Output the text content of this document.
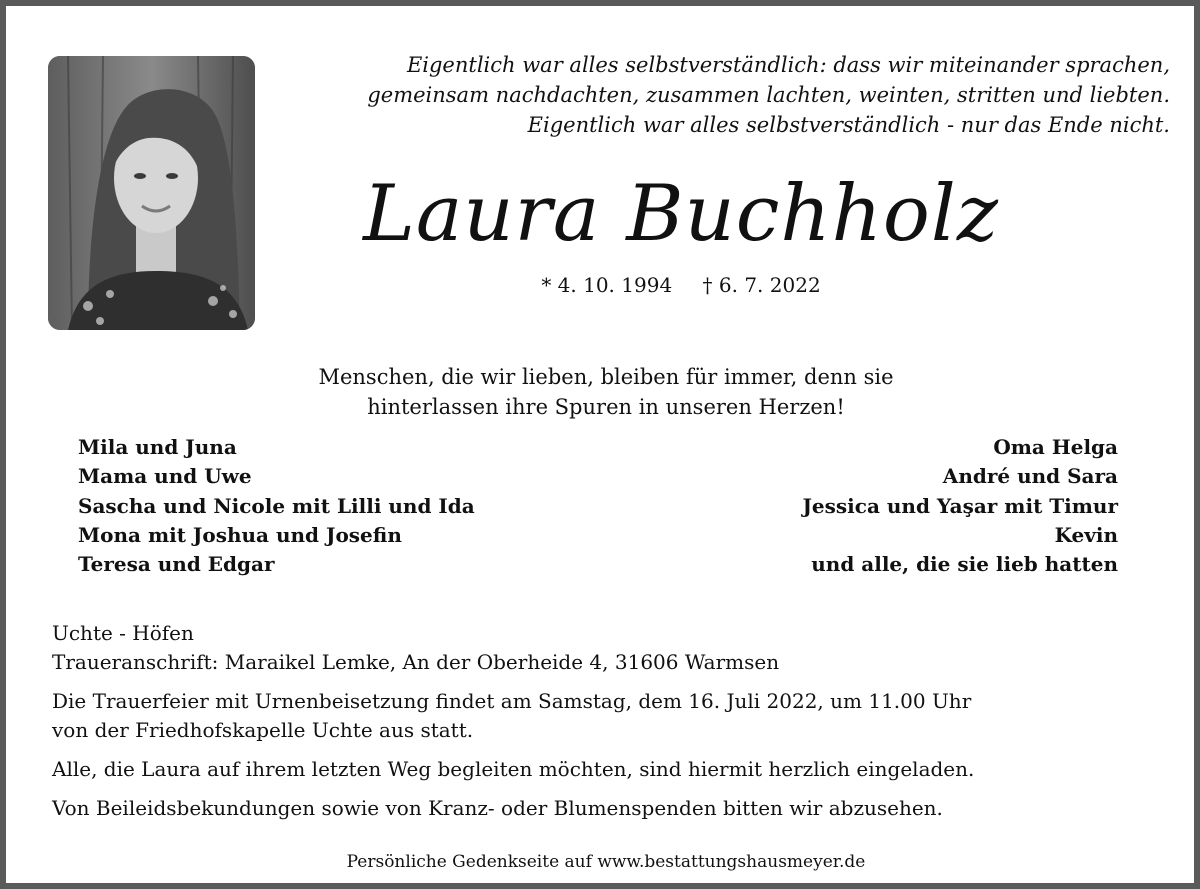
Eigentlich war alles selbstverständlich: dass wir miteinander sprachen,
gemeinsam nachdachten, zusammen lachten, weinten, stritten und liebten.
Eigentlich war alles selbstverständlich - nur das Ende nicht.
Laura Buchholz
* 4. 10. 1994 † 6. 7. 2022
Menschen, die wir lieben, bleiben für immer, denn sie
hinterlassen ihre Spuren in unseren Herzen!
Mila und Juna
Mama und Uwe
Sascha und Nicole mit Lilli und Ida
Mona mit Joshua und Josefin
Teresa und Edgar
Oma Helga
André und Sara
Jessica und Yaşar mit Timur
Kevin
und alle, die sie lieb hatten
Uchte - Höfen
Traueranschrift: Maraikel Lemke, An der Oberheide 4, 31606 Warmsen
Die Trauerfeier mit Urnenbeisetzung findet am Samstag, dem 16. Juli 2022, um 11.00 Uhr
von der Friedhofskapelle Uchte aus statt.
Alle, die Laura auf ihrem letzten Weg begleiten möchten, sind hiermit herzlich eingeladen.
Von Beileidsbekundungen sowie von Kranz- oder Blumenspenden bitten wir abzusehen.
Persönliche Gedenkseite auf www.bestattungshausmeyer.de
